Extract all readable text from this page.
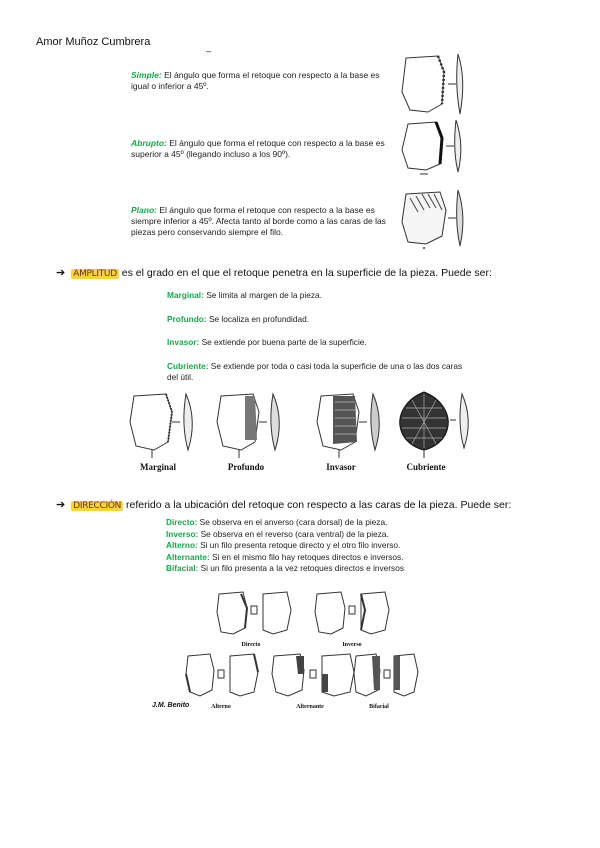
Amor Muñoz Cumbrera
–
Simple: El ángulo que forma el retoque con respecto a la base es igual o inferior a 45º.
Abrupto: El ángulo que forma el retoque con respecto a la base es superior a 45º (llegando incluso a los 90º).
Plano: El ángulo que forma el retoque con respecto a la base es siempre inferior a 45º. Afecta tanto al borde como a las caras de las piezas pero conservando siempre el filo.
➔ AMPLITUD es el grado en el que el retoque penetra en la superficie de la pieza. Puede ser:
Marginal: Se limita al margen de la pieza.
Profundo: Se localiza en profundidad.
Invasor: Se extiende por buena parte de la superficie.
Cubriente: Se extiende por toda o casi toda la superficie de una o las dos caras del útil.
Marginal	Profundo	Invasor	Cubriente
➔ DIRECCIÓN referido a la ubicación del retoque con respecto a las caras de la pieza. Puede ser:
Directo: Se observa en el anverso (cara dorsal) de la pieza.
Inverso: Se observa en el reverso (cara ventral) de la pieza.
Alterno: Si un filo presenta retoque directo y el otro filo inverso.
Alternante: Si en el mismo filo hay retoques directos e inversos.
Bifacial: Si un filo presenta a la vez retoques directos e inversos
Directo	Inverso
J.M. Benito	Alterno	Alternante	Bifacial
